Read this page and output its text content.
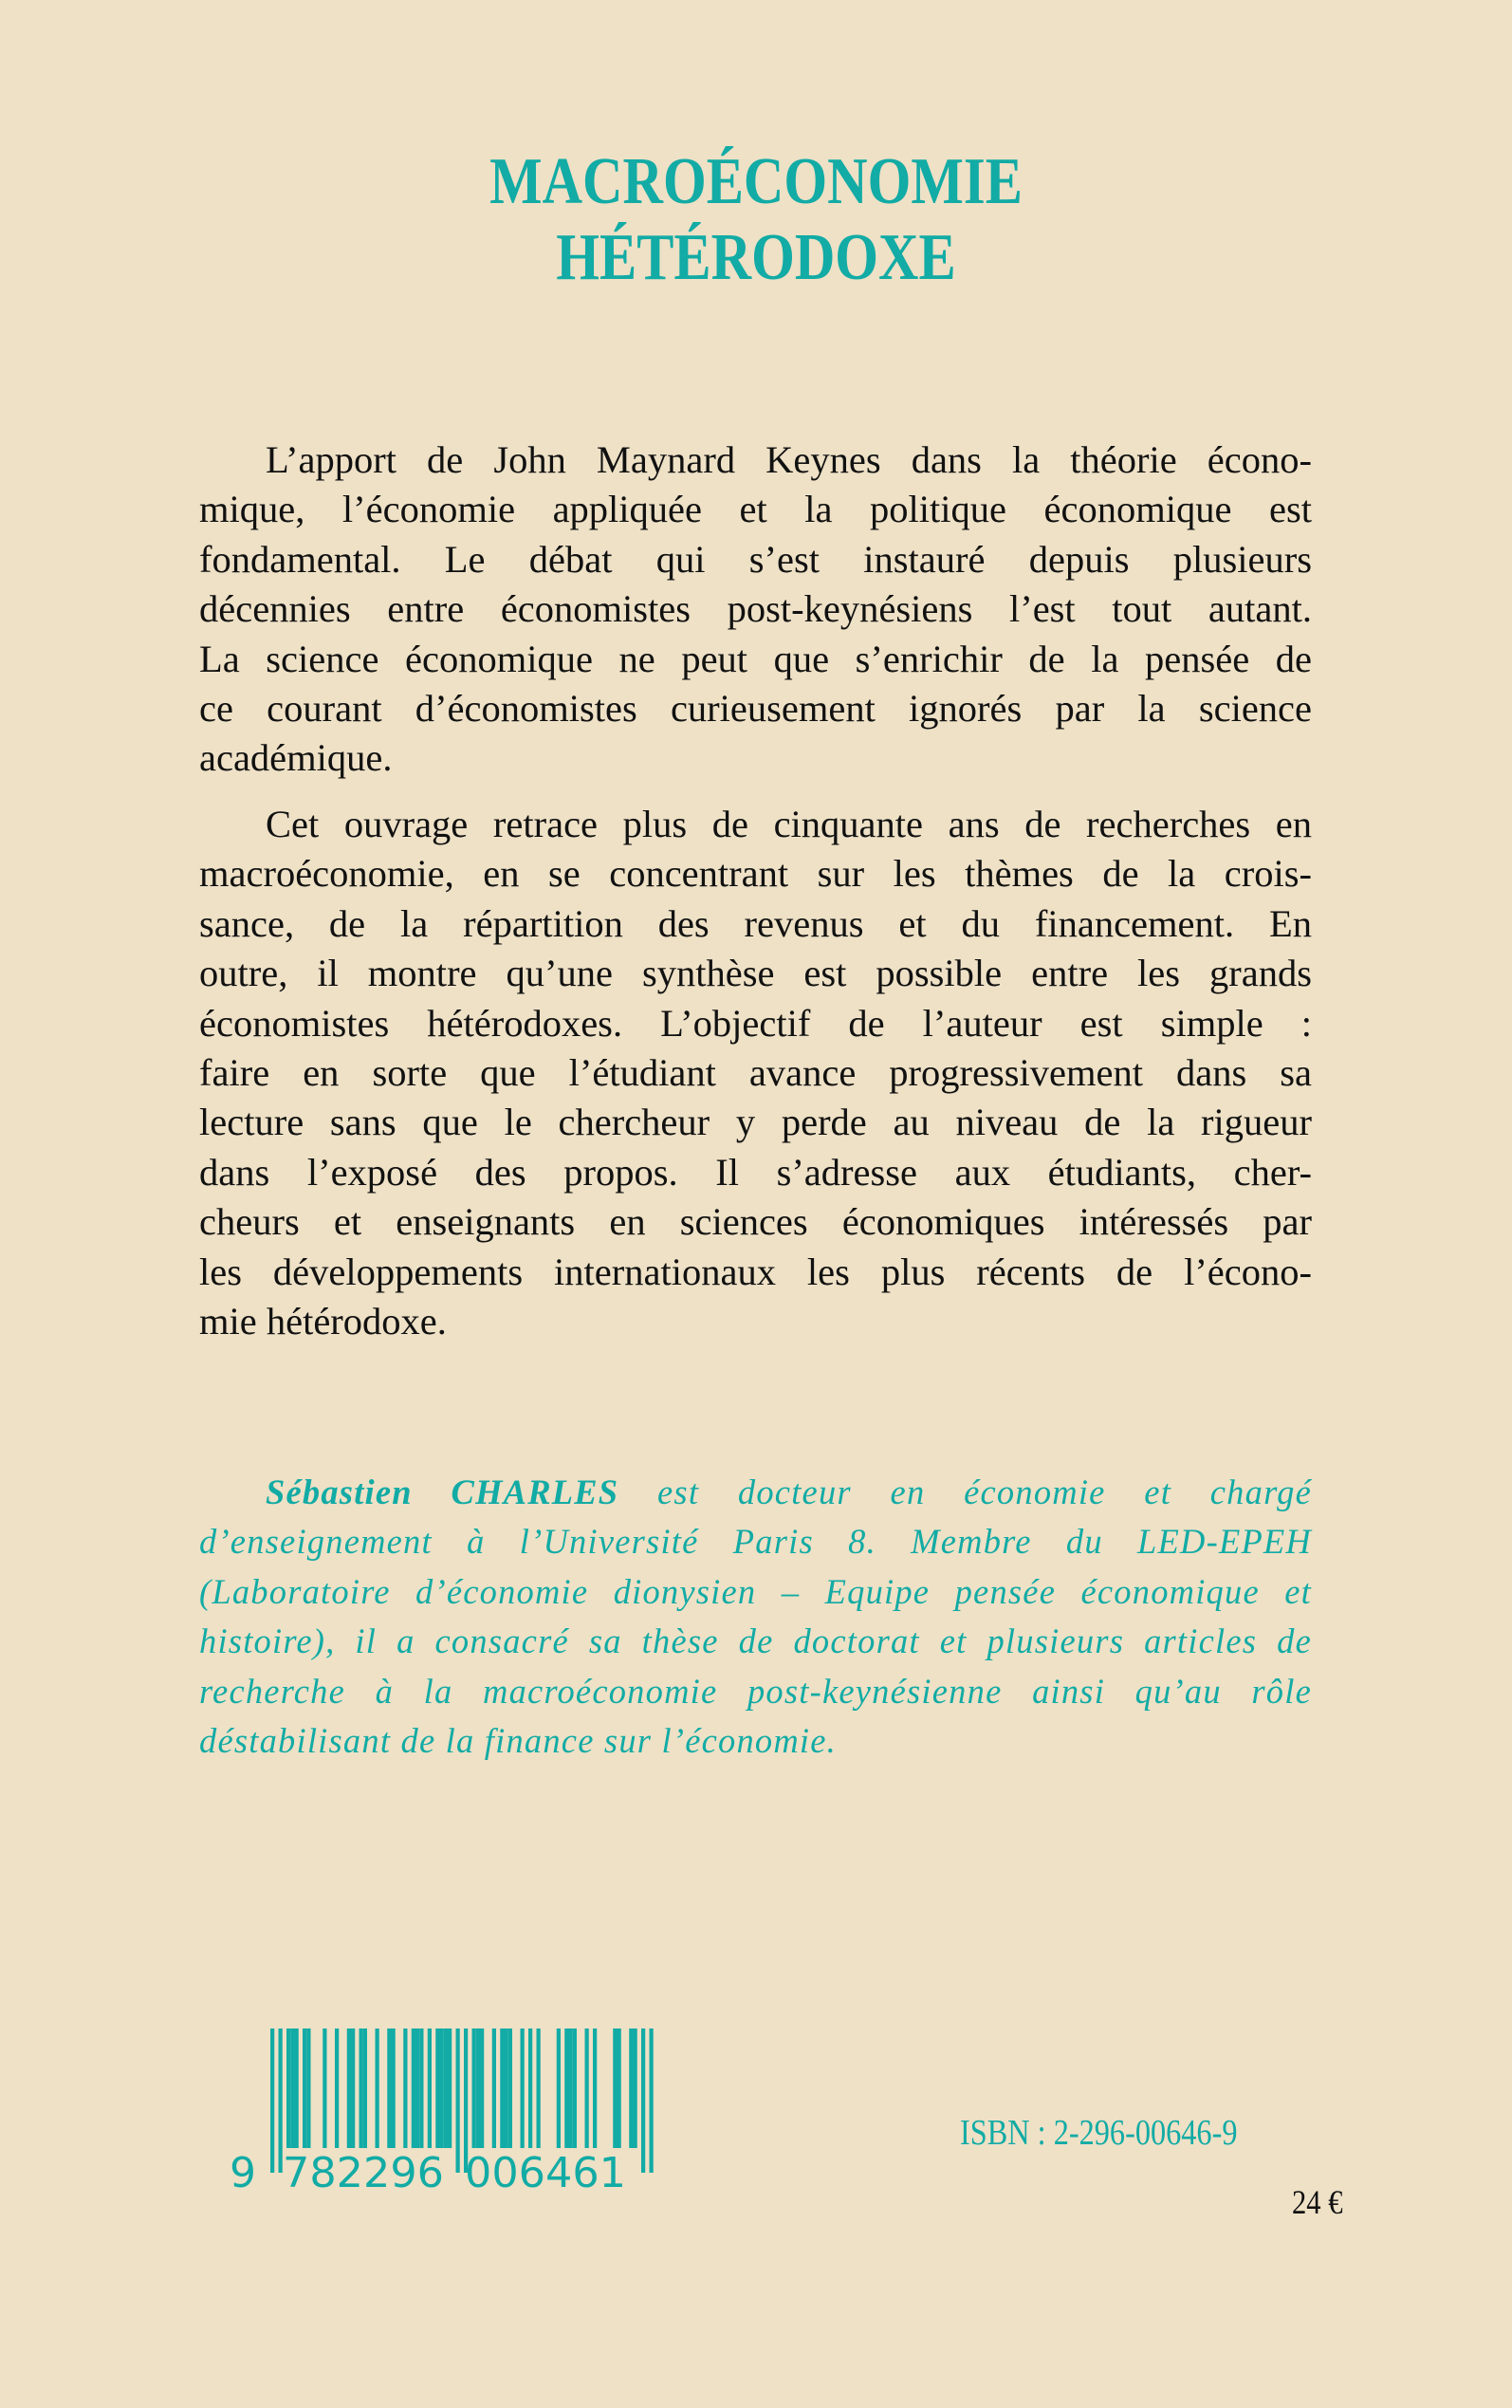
MACROÉCONOMIE
HÉTÉRODOXE
L’apport de John Maynard Keynes dans la théorie écono-
mique, l’économie appliquée et la politique économique est
fondamental. Le débat qui s’est instauré depuis plusieurs
décennies entre économistes post-keynésiens l’est tout autant.
La science économique ne peut que s’enrichir de la pensée de
ce courant d’économistes curieusement ignorés par la science
académique.
Cet ouvrage retrace plus de cinquante ans de recherches en
macroéconomie, en se concentrant sur les thèmes de la crois-
sance, de la répartition des revenus et du financement. En
outre, il montre qu’une synthèse est possible entre les grands
économistes hétérodoxes. L’objectif de l’auteur est simple :
faire en sorte que l’étudiant avance progressivement dans sa
lecture sans que le chercheur y perde au niveau de la rigueur
dans l’exposé des propos. Il s’adresse aux étudiants, cher-
cheurs et enseignants en sciences économiques intéressés par
les développements internationaux les plus récents de l’écono-
mie hétérodoxe.
Sébastien CHARLES est docteur en économie et chargé
d’enseignement à l’Université Paris 8. Membre du LED-EPEH
(Laboratoire d’économie dionysien – Equipe pensée économique et
histoire), il a consacré sa thèse de doctorat et plusieurs articles de
recherche à la macroéconomie post-keynésienne ainsi qu’au rôle
déstabilisant de la finance sur l’économie.
9 782296 006461
ISBN : 2-296-00646-9
24 €
